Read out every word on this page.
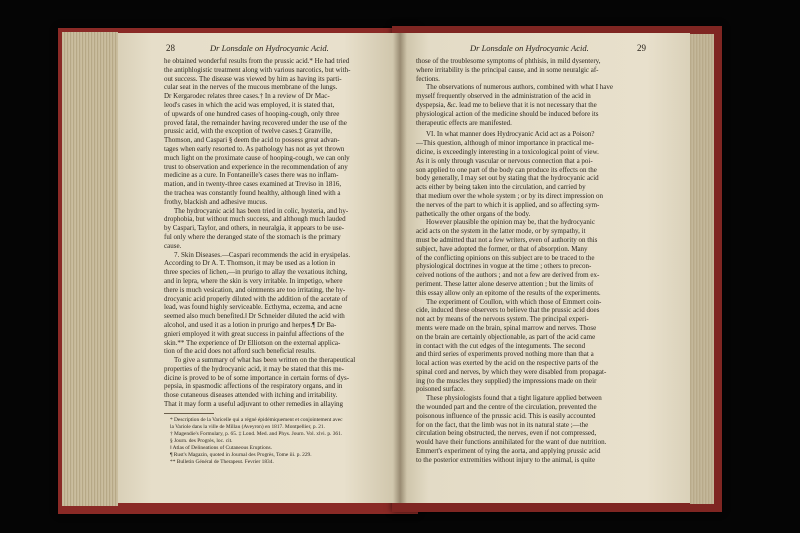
28	Dr Lonsdale on Hydrocyanic Acid.
he obtained wonderful results from the prussic acid.* He had tried
the antiphlogistic treatment along with various narcotics, but with-
out success. The disease was viewed by him as having its parti-
cular seat in the nerves of the mucous membrane of the lungs.
Dr Kergarodec relates three cases.† In a review of Dr Mac-
leod's cases in which the acid was employed, it is stated that,
of upwards of one hundred cases of hooping-cough, only three
proved fatal, the remainder having recovered under the use of the
prussic acid, with the exception of twelve cases.‡ Granville,
Thomson, and Caspari § deem the acid to possess great advan-
tages when early resorted to. As pathology has not as yet thrown
much light on the proximate cause of hooping-cough, we can only
trust to observation and experience in the recommendation of any
medicine as a cure. In Fontaneille's cases there was no inflam-
mation, and in twenty-three cases examined at Treviso in 1816,
the trachea was constantly found healthy, although lined with a
frothy, blackish and adhesive mucus.
The hydrocyanic acid has been tried in colic, hysteria, and hy-
drophobia, but without much success, and although much lauded
by Caspari, Taylor, and others, in neuralgia, it appears to be use-
ful only where the deranged state of the stomach is the primary
cause.
7. Skin Diseases.—Caspari recommends the acid in erysipelas.
According to Dr A. T. Thomson, it may be used as a lotion in
three species of lichen,—in prurigo to allay the vexatious itching,
and in lepra, where the skin is very irritable. In impetigo, where
there is much vesication, and ointments are too irritating, the hy-
drocyanic acid properly diluted with the addition of the acetate of
lead, was found highly serviceable. Ecthyma, eczema, and acne
seemed also much benefited.‖ Dr Schneider diluted the acid with
alcohol, and used it as a lotion in prurigo and herpes.¶ Dr Ba-
gnieri employed it with great success in painful affections of the
skin.** The experience of Dr Elliotson on the external applica-
tion of the acid does not afford such beneficial results.
To give a summary of what has been written on the therapeutical
properties of the hydrocyanic acid, it may be stated that this me-
dicine is proved to be of some importance in certain forms of dys-
pepsia, in spasmodic affections of the respiratory organs, and in
those cutaneous diseases attended with itching and irritability.
That it may form a useful adjuvant to other remedies in allaying
* Description de la Varicelle qui a régné épidémiquement et conjointement avec
la Variole dans la ville de Millau (Aveyron) en 1817. Montpellier, p. 21.
† Magendie's Formulary, p. 65. ‡ Lond. Med. and Phys. Journ. Vol. xlvi. p. 361.
§ Journ. des Progrès, loc. cit.
‖ Atlas of Delineations of Cutaneous Eruptions.
¶ Rust's Magazin, quoted in Journal des Progrès, Tome iii. p. 229.
** Bulletin Général de Therapeut. Fevrier 1834.
Dr Lonsdale on Hydrocyanic Acid.	29
those of the troublesome symptoms of phthisis, in mild dysentery,
where irritability is the principal cause, and in some neuralgic af-
fections.
The observations of numerous authors, combined with what I have
myself frequently observed in the administration of the acid in
dyspepsia, &c. lead me to believe that it is not necessary that the
physiological action of the medicine should be induced before its
therapeutic effects are manifested.
VI. In what manner does Hydrocyanic Acid act as a Poison?
—This question, although of minor importance in practical me-
dicine, is exceedingly interesting in a toxicological point of view.
As it is only through vascular or nervous connection that a poi-
son applied to one part of the body can produce its effects on the
body generally, I may set out by stating that the hydrocyanic acid
acts either by being taken into the circulation, and carried by
that medium over the whole system ; or by its direct impression on
the nerves of the part to which it is applied, and so affecting sym-
pathetically the other organs of the body.
However plausible the opinion may be, that the hydrocyanic
acid acts on the system in the latter mode, or by sympathy, it
must be admitted that not a few writers, even of authority on this
subject, have adopted the former, or that of absorption. Many
of the conflicting opinions on this subject are to be traced to the
physiological doctrines in vogue at the time ; others to precon-
ceived notions of the authors ; and not a few are derived from ex-
periment. These latter alone deserve attention ; but the limits of
this essay allow only an epitome of the results of the experiments.
The experiment of Coullon, with which those of Emmert coin-
cide, induced these observers to believe that the prussic acid does
not act by means of the nervous system. The principal experi-
ments were made on the brain, spinal marrow and nerves. Those
on the brain are certainly objectionable, as part of the acid came
in contact with the cut edges of the integuments. The second
and third series of experiments proved nothing more than that a
local action was exerted by the acid on the respective parts of the
spinal cord and nerves, by which they were disabled from propagat-
ing (to the muscles they supplied) the impressions made on their
poisoned surface.
These physiologists found that a tight ligature applied between
the wounded part and the centre of the circulation, prevented the
poisonous influence of the prussic acid. This is easily accounted
for on the fact, that the limb was not in its natural state ;—the
circulation being obstructed, the nerves, even if not compressed,
would have their functions annihilated for the want of due nutrition.
Emmert's experiment of tying the aorta, and applying prussic acid
to the posterior extremities without injury to the animal, is quite
